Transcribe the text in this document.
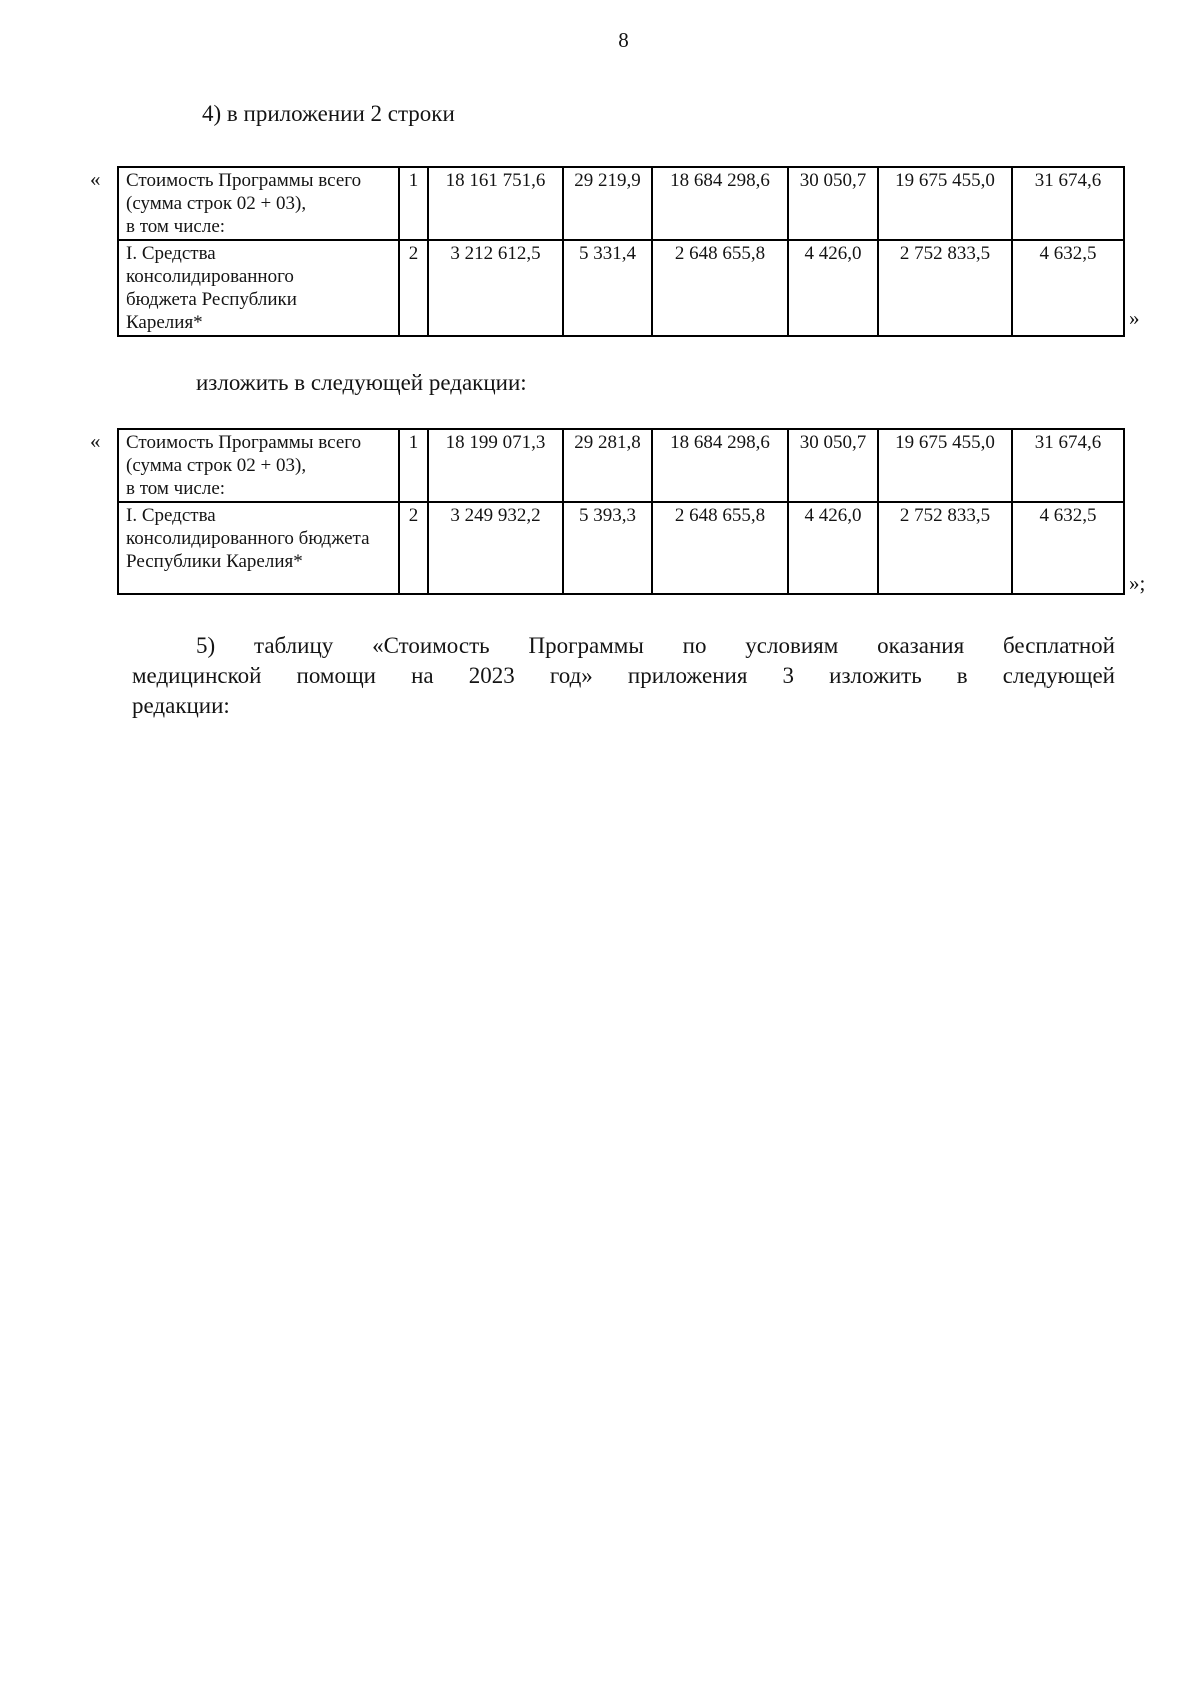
8
4) в приложении 2 строки
« Стоимость Программы всего
(сумма строк 02 + 03),
в том числе:	1	18 161 751,6	29 219,9	18 684 298,6	30 050,7	19 675 455,0	31 674,6

I. Средства
консолидированного
бюджета Республики
Карелия*	2	3 212 612,5	5 331,4	2 648 655,8	4 426,0	2 752 833,5	4 632,5
»
изложить в следующей редакции:
« Стоимость Программы всего
(сумма строк 02 + 03),
в том числе:	1	18 199 071,3	29 281,8	18 684 298,6	30 050,7	19 675 455,0	31 674,6

I. Средства
консолидированного бюджета
Республики Карелия*	2	3 249 932,2	5 393,3	2 648 655,8	4 426,0	2 752 833,5	4 632,5
»;
5) таблицу «Стоимость Программы по условиям оказания бесплатной
медицинской помощи на 2023 год» приложения 3 изложить в следующей
редакции:
